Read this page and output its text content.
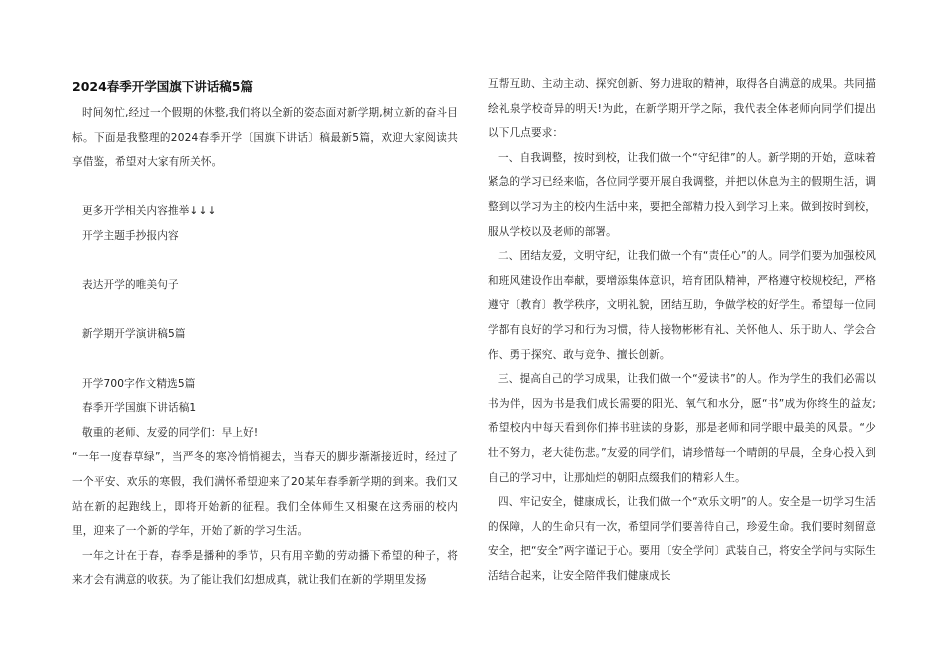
2024春季开学国旗下讲话稿5篇

时间匆忙,经过一个假期的休整,我们将以全新的姿态面对新学期,树立新的奋斗目标。下面是我整理的2024春季开学〔国旗下讲话〕稿最新5篇，欢迎大家阅读共享借鉴，希望对大家有所关怀。

更多开学相关内容推举↓↓↓

开学主题手抄报内容

表达开学的唯美句子

新学期开学演讲稿5篇

开学700字作文精选5篇

春季开学国旗下讲话稿1

敬重的老师、友爱的同学们：早上好!

“一年一度春草绿”，当严冬的寒冷悄悄褪去，当春天的脚步渐渐接近时，经过了一个平安、欢乐的寒假，我们满怀希望迎来了20某年春季新学期的到来。我们又站在新的起跑线上，即将开始新的征程。我们全体师生又相聚在这秀丽的校内里，迎来了一个新的学年，开始了新的学习生活。

一年之计在于春，春季是播种的季节，只有用辛勤的劳动播下希望的种子，将来才会有满意的收获。为了能让我们幻想成真，就让我们在新的学期里发扬

互帮互助、主动主动、探究创新、努力进取的精神，取得各自满意的成果。共同描绘礼泉学校奇异的明天!为此，在新学期开学之际，我代表全体老师向同学们提出以下几点要求：

一、自我调整，按时到校，让我们做一个“守纪律”的人。新学期的开始，意味着紧急的学习已经来临，各位同学要开展自我调整，并把以休息为主的假期生活，调整到以学习为主的校内生活中来，要把全部精力投入到学习上来。做到按时到校，服从学校以及老师的部署。

二、团结友爱，文明守纪，让我们做一个有“责任心”的人。同学们要为加强校风和班风建设作出奉献，要增添集体意识，培育团队精神，严格遵守校规校纪，严格遵守〔教育〕教学秩序，文明礼貌，团结互助，争做学校的好学生。希望每一位同学都有良好的学习和行为习惯，待人接物彬彬有礼、关怀他人、乐于助人、学会合作、勇于探究、敢与竞争、擅长创新。

三、提高自己的学习成果，让我们做一个“爱读书”的人。作为学生的我们必需以书为伴，因为书是我们成长需要的阳光、氧气和水分，愿“书”成为你终生的益友;希望校内中每天看到你们捧书驻读的身影，那是老师和同学眼中最美的风景。“少壮不努力，老大徒伤悲。”友爱的同学们，请珍惜每一个晴朗的早晨，全身心投入到自己的学习中，让那灿烂的朝阳点缀我们的精彩人生。

四、牢记安全，健康成长，让我们做一个“欢乐文明”的人。安全是一切学习生活的保障，人的生命只有一次，希望同学们要善待自己，珍爱生命。我们要时刻留意安全，把“安全”两字谨记于心。要用〔安全学问〕武装自己，将安全学问与实际生活结合起来，让安全陪伴我们健康成长
